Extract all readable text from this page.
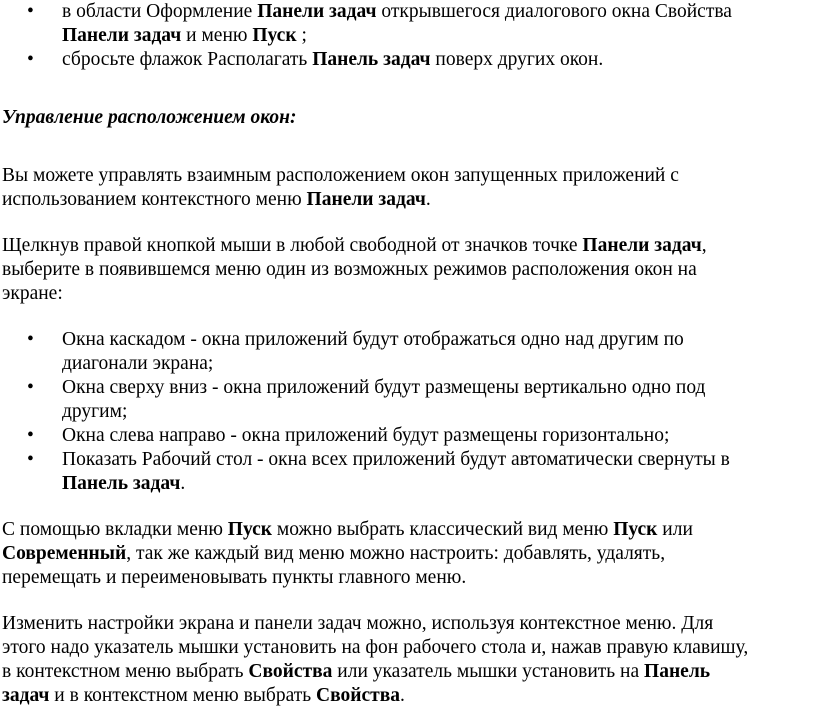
• в области Оформление Панели задач открывшегося диалогового окна Свойства
Панели задач и меню Пуск ;
• сбросьте флажок Располагать Панель задач поверх других окон.

Управление расположением окон:

Вы можете управлять взаимным расположением окон запущенных приложений с
использованием контекстного меню Панели задач.

Щелкнув правой кнопкой мыши в любой свободной от значков точке Панели задач,
выберите в появившемся меню один из возможных режимов расположения окон на
экране:

• Окна каскадом - окна приложений будут отображаться одно над другим по
диагонали экрана;
• Окна сверху вниз - окна приложений будут размещены вертикально одно под
другим;
• Окна слева направо - окна приложений будут размещены горизонтально;
• Показать Рабочий стол - окна всех приложений будут автоматически свернуты в
Панель задач.

С помощью вкладки меню Пуск можно выбрать классический вид меню Пуск или
Современный, так же каждый вид меню можно настроить: добавлять, удалять,
перемещать и переименовывать пункты главного меню.

Изменить настройки экрана и панели задач можно, используя контекстное меню. Для
этого надо указатель мышки установить на фон рабочего стола и, нажав правую клавишу,
в контекстном меню выбрать Свойства или указатель мышки установить на Панель
задач и в контекстном меню выбрать Свойства.
